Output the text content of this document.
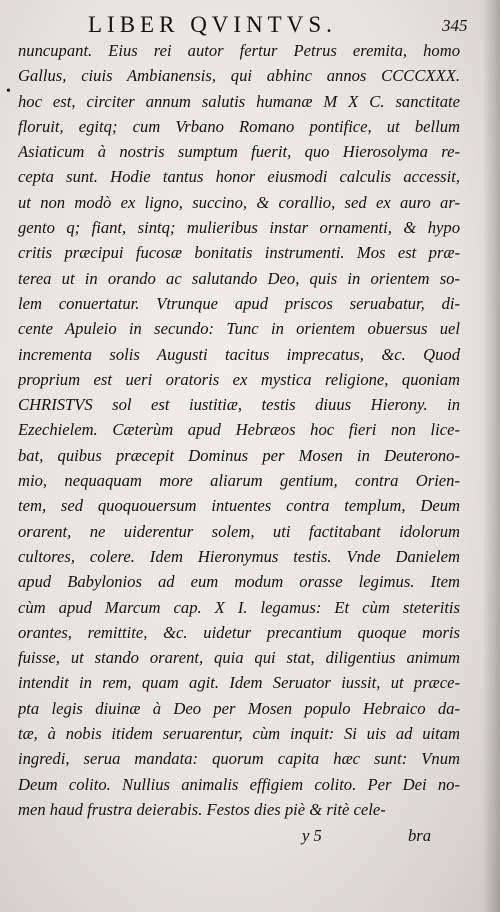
LIBER QVINTVS.	345
•
nuncupant. Eius rei autor fertur Petrus eremita, homo
Gallus, ciuis Ambianensis, qui abhinc annos CCCCXXX.
hoc est, circiter annum salutis humanæ M X C. sanctitate
floruit, egitq; cum Vrbano Romano pontifice, ut bellum
Asiaticum à nostris sumptum fuerit, quo Hierosolyma re-
cepta sunt. Hodie tantus honor eiusmodi calculis accessit,
ut non modò ex ligno, succino, & corallio, sed ex auro ar-
gento q; fiant, sintq; mulieribus instar ornamenti, & hypo
critis præcipui fucosæ bonitatis instrumenti. Mos est præ-
terea ut in orando ac salutando Deo, quis in orientem so-
lem conuertatur. Vtrunque apud priscos seruabatur, di-
cente Apuleio in secundo: Tunc in orientem obuersus uel
incrementa solis Augusti tacitus imprecatus, &c. Quod
proprium est ueri oratoris ex mystica religione, quoniam
CHRISTVS sol est iustitiæ, testis diuus Hierony. in
Ezechielem. Cæterùm apud Hebræos hoc fieri non lice-
bat, quibus præcepit Dominus per Mosen in Deuterono-
mio, nequaquam more aliarum gentium, contra Orien-
tem, sed quoquouersum intuentes contra templum, Deum
orarent, ne uiderentur solem, uti factitabant idolorum
cultores, colere. Idem Hieronymus testis. Vnde Danielem
apud Babylonios ad eum modum orasse legimus. Item
cùm apud Marcum cap. X I. legamus: Et cùm steteritis
orantes, remittite, &c. uidetur precantium quoque moris
fuisse, ut stando orarent, quia qui stat, diligentius animum
intendit in rem, quam agit. Idem Seruator iussit, ut præce-
pta legis diuinæ à Deo per Mosen populo Hebraico da-
tæ, à nobis itidem seruarentur, cùm inquit: Si uis ad uitam
ingredi, serua mandata: quorum capita hæc sunt: Vnum
Deum colito. Nullius animalis effigiem colito. Per Dei no-
men haud frustra deierabis. Festos dies piè & ritè cele-
y 5	bra
